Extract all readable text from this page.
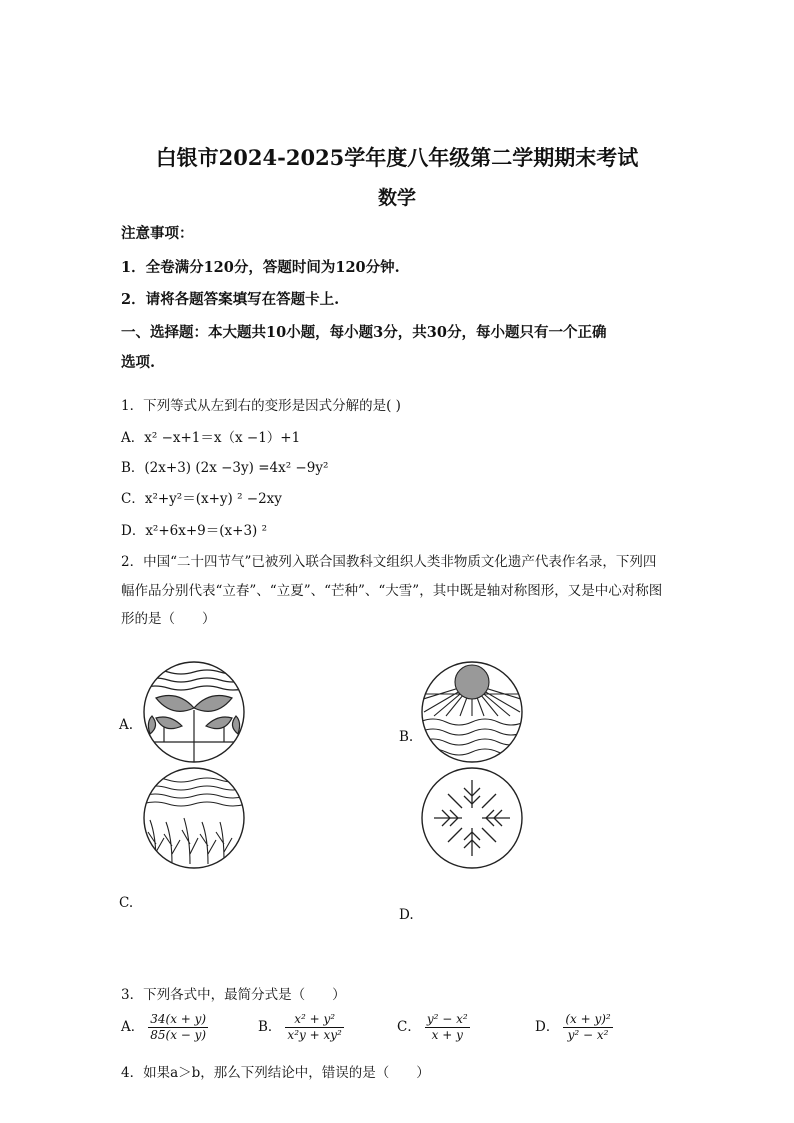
白银市2024-2025学年度八年级第二学期期末考试
数学
注意事项：
1．全卷满分120分，答题时间为120分钟.
2．请将各题答案填写在答题卡上.
一、选择题：本大题共10小题，每小题3分，共30分，每小题只有一个正确
选项.
1．下列等式从左到右的变形是因式分解的是( )
A．x² −x+1＝x（x −1）+1
B．(2x+3) (2x −3y) =4x² −9y²
C．x²+y²＝(x+y) ² −2xy
D．x²+6x+9＝(x+3) ²
2．中国“二十四节气”已被列入联合国教科文组织人类非物质文化遗产代表作名录，下列四
幅作品分别代表“立春”、“立夏”、“芒种”、“大雪”，其中既是轴对称图形，又是中心对称图
形的是（　　）
A.
B.
C.
D.
3．下列各式中，最简分式是（　　）
A． $\frac{34(x + y)}{85(x - y)}$	B． $\frac{\text{x² + y²}}{\text{x²y + xy²}}$	C． $\frac{\text{y² − x²}}{x + y}$	D． $\frac{\text{(x + y)²}}{\text{y² − x²}}$
4．如果a＞b，那么下列结论中，错误的是（　　）
